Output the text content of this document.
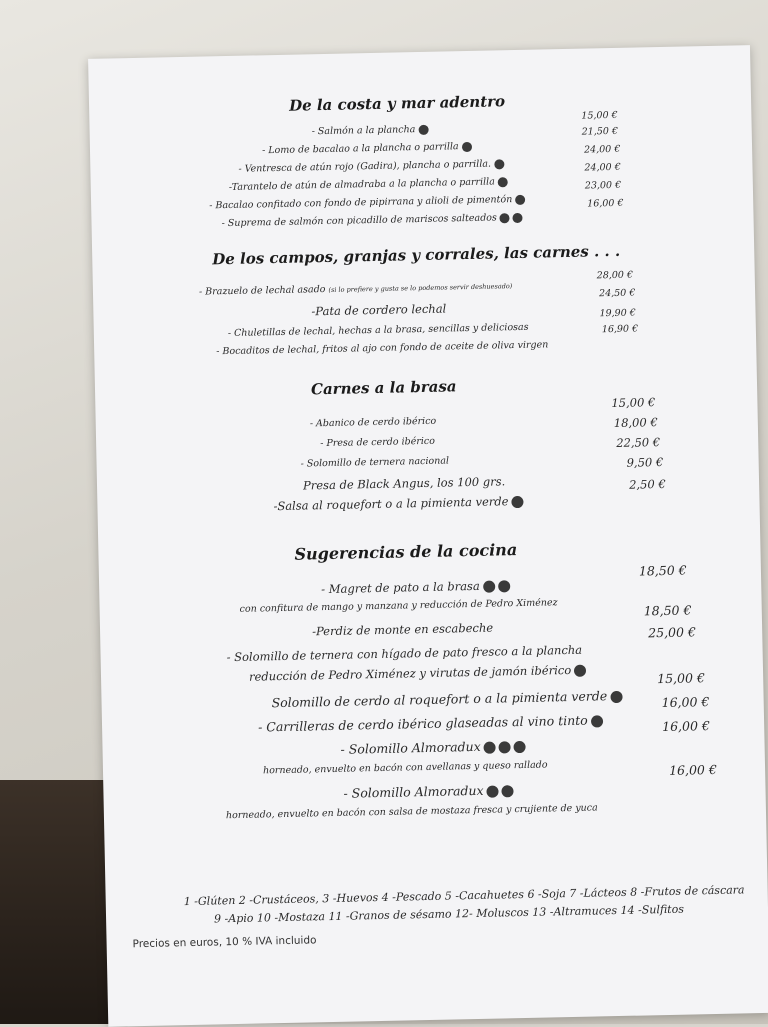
De la costa y mar adentro
- Salmón a la plancha
15,00 €
- Lomo de bacalao a la plancha o parrilla
21,50 €
- Ventresca de atún rojo (Gadira), plancha o parrilla.
24,00 €
-Tarantelo de atún de almadraba a la plancha o parrilla
24,00 €
- Bacalao confitado con fondo de pipirrana y alioli de pimentón
23,00 €
- Suprema de salmón con picadillo de mariscos salteados
16,00 €
De los campos, granjas y corrales, las carnes . . .
- Brazuelo de lechal asado (si lo prefiere y gusta se lo podemos servir deshuesado)
28,00 €
-Pata de cordero lechal
24,50 €
- Chuletillas de lechal, hechas a la brasa, sencillas y deliciosas
19,90 €
- Bocaditos de lechal, fritos al ajo con fondo de aceite de oliva virgen
16,90 €
Carnes a la brasa
- Abanico de cerdo ibérico
15,00 €
- Presa de cerdo ibérico
18,00 €
- Solomillo de ternera nacional
22,50 €
Presa de Black Angus, los 100 grs.
9,50 €
-Salsa al roquefort o a la pimienta verde
2,50 €
Sugerencias de la cocina
- Magret de pato a la brasa
con confitura de mango y manzana y reducción de Pedro Ximénez
18,50 €
-Perdiz de monte en escabeche
18,50 €
- Solomillo de ternera con hígado de pato fresco a la plancha
reducción de Pedro Ximénez y virutas de jamón ibérico
25,00 €
Solomillo de cerdo al roquefort o a la pimienta verde
15,00 €
- Carrilleras de cerdo ibérico glaseadas al vino tinto
16,00 €
- Solomillo Almoradux
horneado, envuelto en bacón con avellanas y queso rallado
16,00 €
- Solomillo Almoradux
horneado, envuelto en bacón con salsa de mostaza fresca y crujiente de yuca
16,00 €
1 -Glúten 2 -Crustáceos, 3 -Huevos 4 -Pescado 5 -Cacahuetes 6 -Soja 7 -Lácteos 8 -Frutos de cáscara
9 -Apio 10 -Mostaza 11 -Granos de sésamo 12- Moluscos 13 -Altramuces 14 -Sulfitos
Precios en euros, 10 % IVA incluido
